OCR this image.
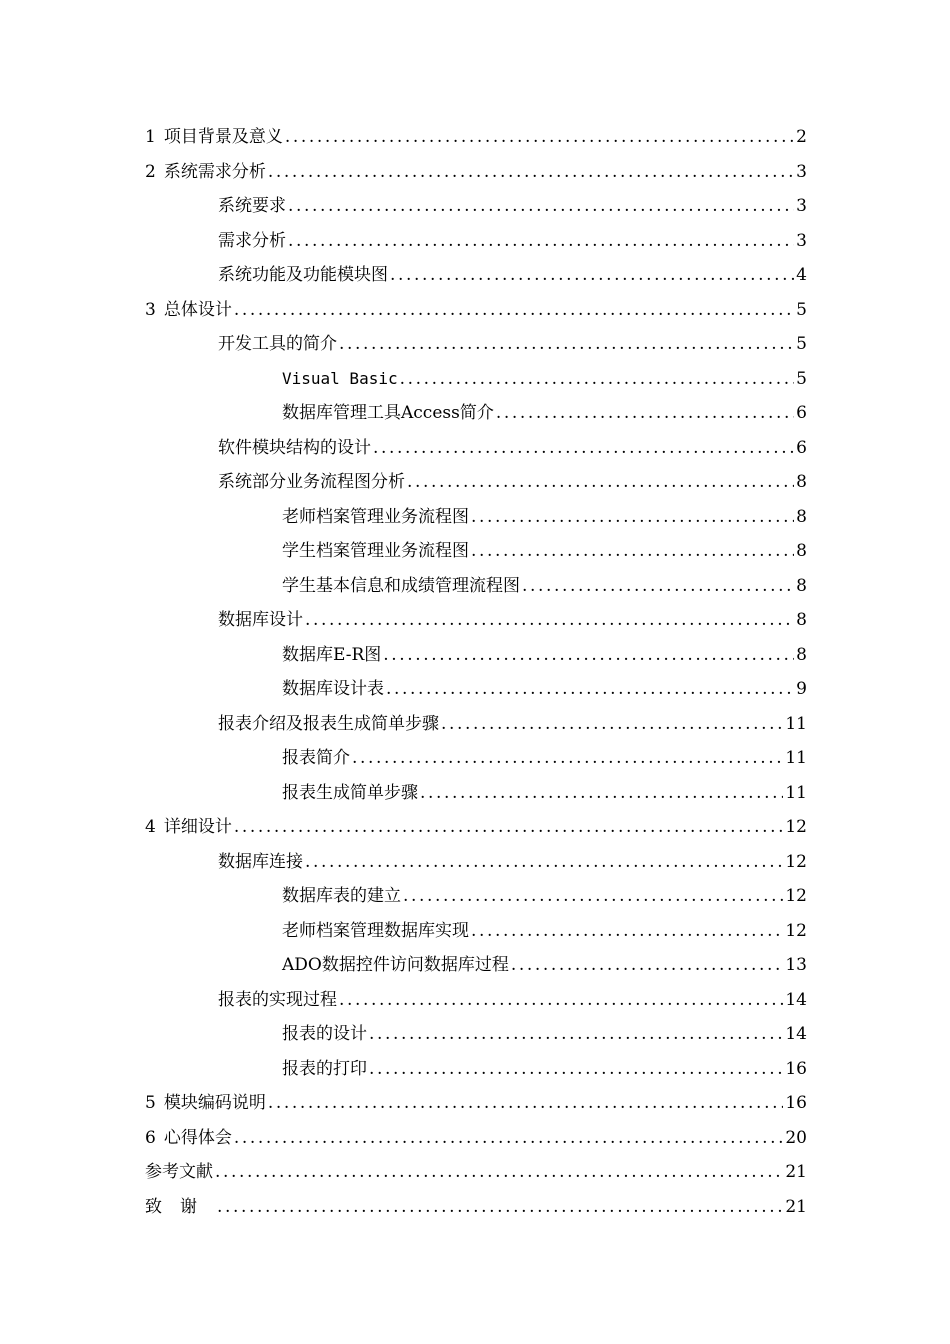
1 项目背景及意义 .....	2
2 系统需求分析 .....	3
系统要求 .....	3
需求分析 .....	3
系统功能及功能模块图 .....	4
3 总体设计 .....	5
开发工具的简介 .....	5
Visual Basic .....	5
数据库管理工具Access简介 .....	6
软件模块结构的设计 .....	6
系统部分业务流程图分析 .....	8
老师档案管理业务流程图 .....	8
学生档案管理业务流程图 .....	8
学生基本信息和成绩管理流程图 .....	8
数据库设计 .....	8
数据库E-R图 .....	8
数据库设计表 .....	9
报表介绍及报表生成简单步骤 .....	11
报表简介 .....	11
报表生成简单步骤 .....	11
4 详细设计 .....	12
数据库连接 .....	12
数据库表的建立 .....	12
老师档案管理数据库实现 .....	12
ADO数据控件访问数据库过程 .....	13
报表的实现过程 .....	14
报表的设计 .....	14
报表的打印 .....	16
5 模块编码说明 .....	16
6 心得体会 .....	20
参考文献 .....	21
致谢 .....	21
